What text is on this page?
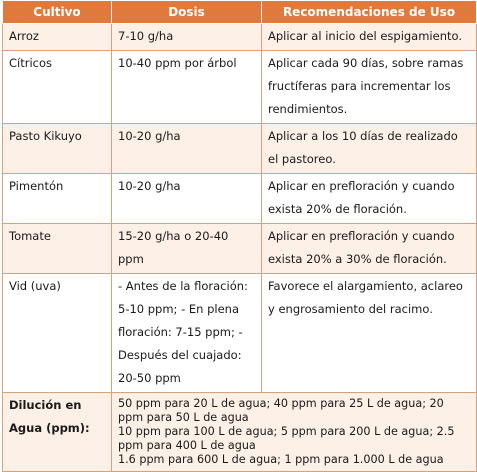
Cultivo	Dosis	Recomendaciones de Uso
Arroz	7-10 g/ha	Aplicar al inicio del espigamiento.
Cítricos	10-40 ppm por árbol	Aplicar cada 90 días, sobre ramas fructíferas para incrementar los rendimientos.
Pasto Kikuyo	10-20 g/ha	Aplicar a los 10 días de realizado el pastoreo.
Pimentón	10-20 g/ha	Aplicar en prefloración y cuando exista 20% de floración.
Tomate	15-20 g/ha o 20-40 ppm	Aplicar en prefloración y cuando exista 20% a 30% de floración.
Vid (uva)	- Antes de la floración: 5-10 ppm; - En plena floración: 7-15 ppm; - Después del cuajado: 20-50 ppm	Favorece el alargamiento, aclareo y engrosamiento del racimo.
Dilución en Agua (ppm):	50 ppm para 20 L de agua; 40 ppm para 25 L de agua; 20 ppm para 50 L de agua
10 ppm para 100 L de agua; 5 ppm para 200 L de agua; 2.5 ppm para 400 L de agua
1.6 ppm para 600 L de agua; 1 ppm para 1.000 L de agua	
